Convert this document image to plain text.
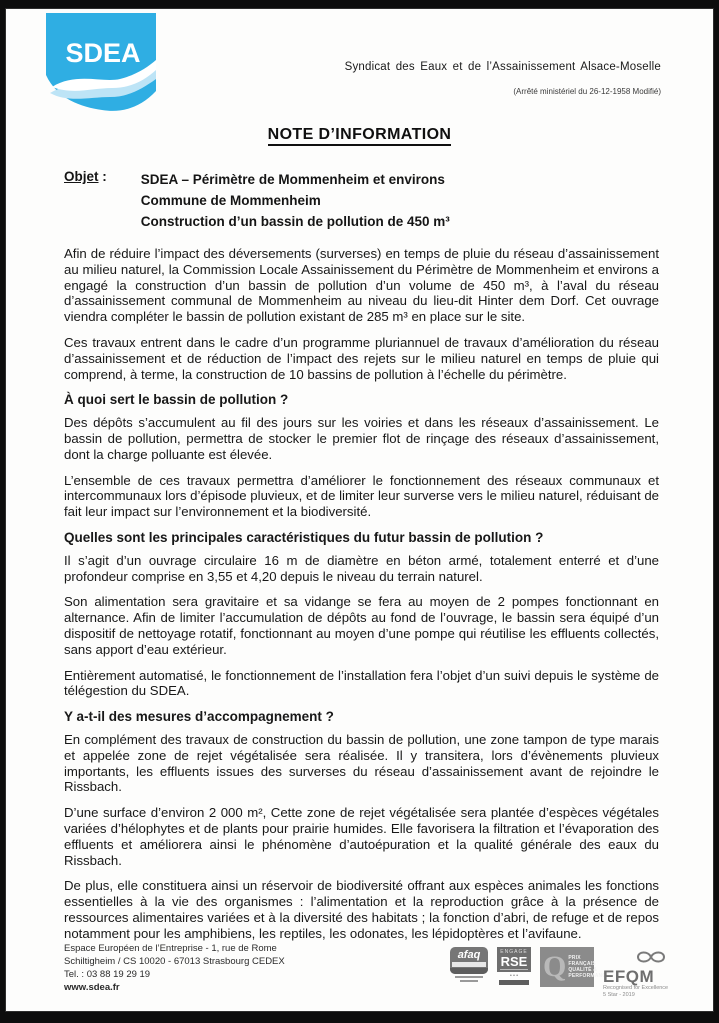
SDEA	Syndicat des Eaux et de l’Assainissement Alsace-Moselle
(Arrêté ministériel du 26-12-1958 Modifié)
NOTE D’INFORMATION
Objet :	SDEA – Périmètre de Mommenheim et environs
Commune de Mommenheim
Construction d’un bassin de pollution de 450 m³

Afin de réduire l’impact des déversements (surverses) en temps de pluie du réseau d’assainissement au milieu naturel, la Commission Locale Assainissement du Périmètre de Mommenheim et environs a engagé la construction d’un bassin de pollution d’un volume de 450 m³, à l’aval du réseau d’assainissement communal de Mommenheim au niveau du lieu-dit Hinter dem Dorf. Cet ouvrage viendra compléter le bassin de pollution existant de 285 m³ en place sur le site.

Ces travaux entrent dans le cadre d’un programme pluriannuel de travaux d’amélioration du réseau d’assainissement et de réduction de l’impact des rejets sur le milieu naturel en temps de pluie qui comprend, à terme, la construction de 10 bassins de pollution à l’échelle du périmètre.

À quoi sert le bassin de pollution ?

Des dépôts s’accumulent au fil des jours sur les voiries et dans les réseaux d’assainissement. Le bassin de pollution, permettra de stocker le premier flot de rinçage des réseaux d’assainissement, dont la charge polluante est élevée.

L’ensemble de ces travaux permettra d’améliorer le fonctionnement des réseaux communaux et intercommunaux lors d’épisode pluvieux, et de limiter leur surverse vers le milieu naturel, réduisant de fait leur impact sur l’environnement et la biodiversité.

Quelles sont les principales caractéristiques du futur bassin de pollution ?

Il s’agit d’un ouvrage circulaire 16 m de diamètre en béton armé, totalement enterré et d’une profondeur comprise en 3,55 et 4,20 depuis le niveau du terrain naturel.

Son alimentation sera gravitaire et sa vidange se fera au moyen de 2 pompes fonctionnant en alternance. Afin de limiter l’accumulation de dépôts au fond de l’ouvrage, le bassin sera équipé d’un dispositif de nettoyage rotatif, fonctionnant au moyen d’une pompe qui réutilise les effluents collectés, sans apport d’eau extérieur.

Entièrement automatisé, le fonctionnement de l’installation fera l’objet d’un suivi depuis le système de télégestion du SDEA.

Y a-t-il des mesures d’accompagnement ?

En complément des travaux de construction du bassin de pollution, une zone tampon de type marais et appelée zone de rejet végétalisée sera réalisée. Il y transitera, lors d’évènements pluvieux importants, les effluents issues des surverses du réseau d’assainissement avant de rejoindre le Rissbach.

D’une surface d’environ 2 000 m², Cette zone de rejet végétalisée sera plantée d’espèces végétales variées d’hélophytes et de plants pour prairie humides. Elle favorisera la filtration et l’évaporation des effluents et améliorera ainsi le phénomène d’autoépuration et la qualité générale des eaux du Rissbach.

De plus, elle constituera ainsi un réservoir de biodiversité offrant aux espèces animales les fonctions essentielles à la vie des organismes : l’alimentation et la reproduction grâce à la présence de ressources alimentaires variées et à la diversité des habitats ; la fonction d’abri, de refuge et de repos notamment pour les amphibiens, les reptiles, les odonates, les lépidoptères et l’avifaune.

Espace Européen de l’Entreprise - 1, rue de Rome
Schiltigheim / CS 10020 - 67013 Strasbourg CEDEX
Tel. : 03 88 19 29 19
www.sdea.fr
afaq	ENGAGE
RSE
• • • Q PRIX
FRANÇAIS
QUALITÉ &
PERFORMANCE
EFQM
Recognised for Excellence
5 Star - 2019
